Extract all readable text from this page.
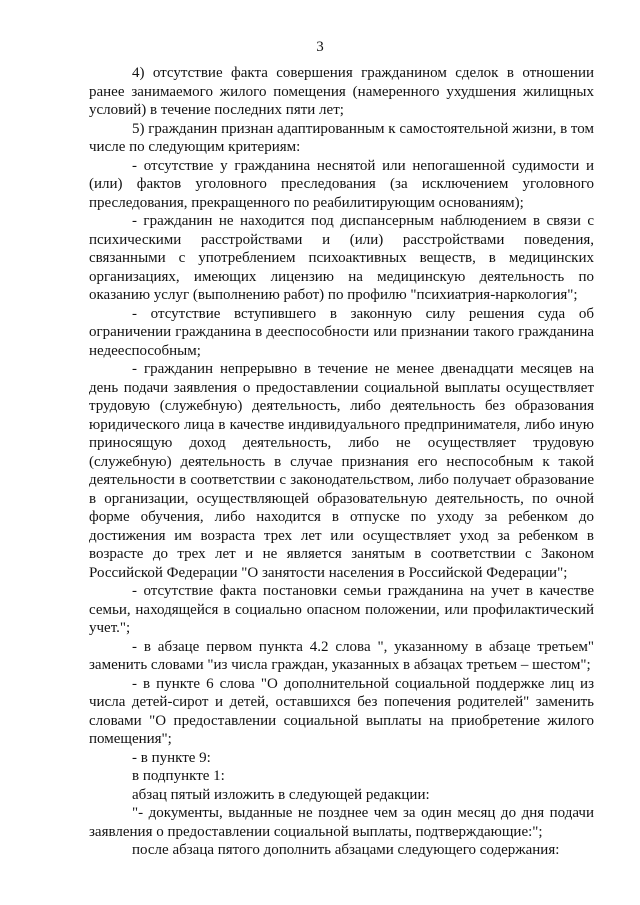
3

4) отсутствие факта совершения гражданином сделок в отношении ранее занимаемого жилого помещения (намеренного ухудшения жилищных условий) в течение последних пяти лет;

5) гражданин признан адаптированным к самостоятельной жизни, в том числе по следующим критериям:

- отсутствие у гражданина неснятой или непогашенной судимости и (или) фактов уголовного преследования (за исключением уголовного преследования, прекращенного по реабилитирующим основаниям);

- гражданин не находится под диспансерным наблюдением в связи с психическими расстройствами и (или) расстройствами поведения, связанными с употреблением психоактивных веществ, в медицинских организациях, имеющих лицензию на медицинскую деятельность по оказанию услуг (выполнению работ) по профилю "психиатрия-наркология";

- отсутствие вступившего в законную силу решения суда об ограничении гражданина в дееспособности или признании такого гражданина недееспособным;

- гражданин непрерывно в течение не менее двенадцати месяцев на день подачи заявления о предоставлении социальной выплаты осуществляет трудовую (служебную) деятельность, либо деятельность без образования юридического лица в качестве индивидуального предпринимателя, либо иную приносящую доход деятельность, либо не осуществляет трудовую (служебную) деятельность в случае признания его неспособным к такой деятельности в соответствии с законодательством, либо получает образование в организации, осуществляющей образовательную деятельность, по очной форме обучения, либо находится в отпуске по уходу за ребенком до достижения им возраста трех лет или осуществляет уход за ребенком в возрасте до трех лет и не является занятым в соответствии с Законом Российской Федерации "О занятости населения в Российской Федерации";

- отсутствие факта постановки семьи гражданина на учет в качестве семьи, находящейся в социально опасном положении, или профилактический учет.";

- в абзаце первом пункта 4.2 слова ", указанному в абзаце третьем" заменить словами "из числа граждан, указанных в абзацах третьем – шестом";

- в пункте 6 слова "О дополнительной социальной поддержке лиц из числа детей-сирот и детей, оставшихся без попечения родителей" заменить словами "О предоставлении социальной выплаты на приобретение жилого помещения";

- в пункте 9:

в подпункте 1:

абзац пятый изложить в следующей редакции:

"- документы, выданные не позднее чем за один месяц до дня подачи заявления о предоставлении социальной выплаты, подтверждающие:";

после абзаца пятого дополнить абзацами следующего содержания:
